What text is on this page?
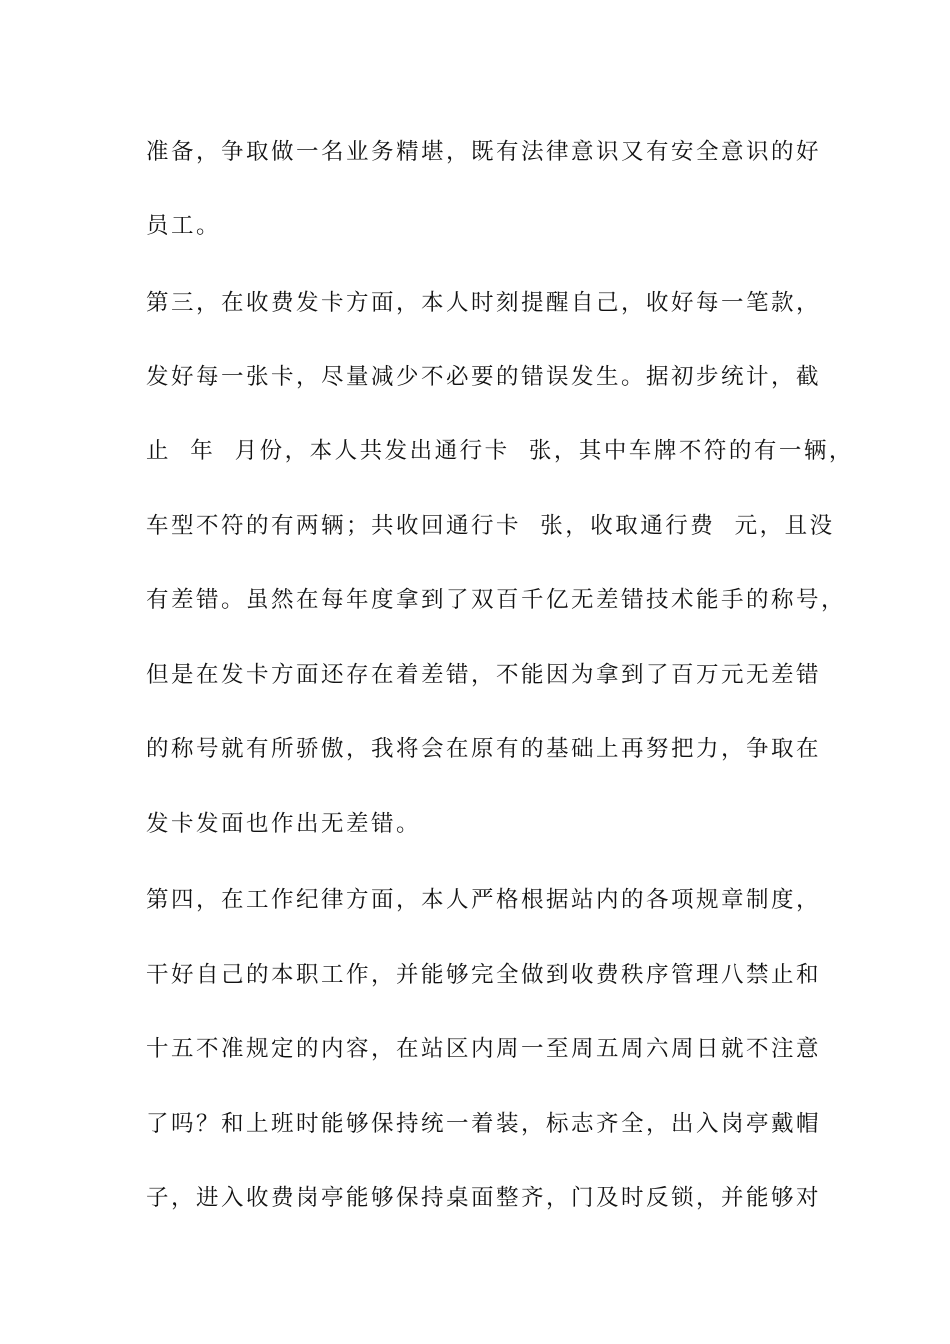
准备，争取做一名业务精堪，既有法律意识又有安全意识的好
员工。
第三，在收费发卡方面，本人时刻提醒自己，收好每一笔款，
发好每一张卡，尽量减少不必要的错误发生。据初步统计，截
止  年  月份，本人共发出通行卡  张，其中车牌不符的有一辆，
车型不符的有两辆；共收回通行卡  张，收取通行费  元，且没
有差错。虽然在每年度拿到了双百千亿无差错技术能手的称号，
但是在发卡方面还存在着差错，不能因为拿到了百万元无差错
的称号就有所骄傲，我将会在原有的基础上再努把力，争取在
发卡发面也作出无差错。
第四，在工作纪律方面，本人严格根据站内的各项规章制度，
干好自己的本职工作，并能够完全做到收费秩序管理八禁止和
十五不准规定的内容，在站区内周一至周五周六周日就不注意
了吗？和上班时能够保持统一着装，标志齐全，出入岗亭戴帽
子，进入收费岗亭能够保持桌面整齐，门及时反锁，并能够对
